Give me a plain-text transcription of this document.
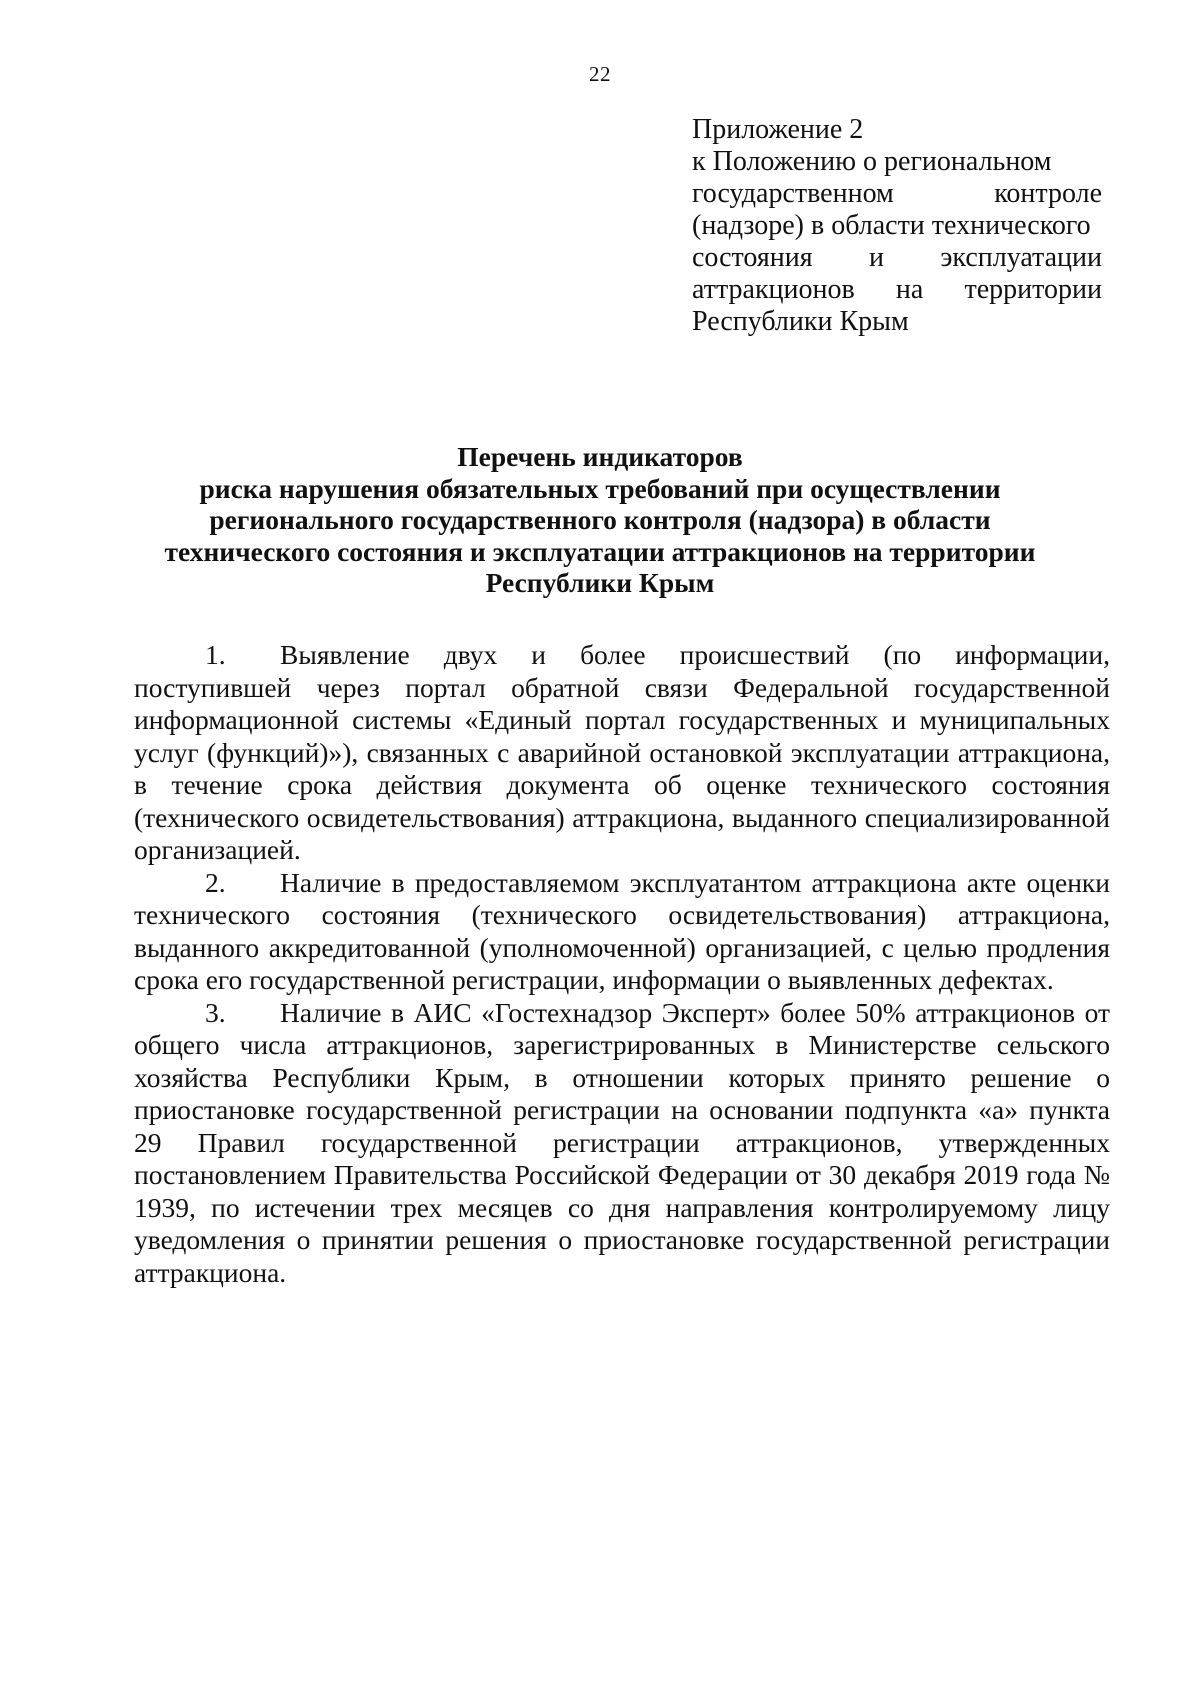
22
Приложение 2
к Положению о региональном
государственном	контроле
(надзоре) в области технического
состояния и эксплуатации
аттракционов на территории
Республики Крым
Перечень индикаторов
риска нарушения обязательных требований при осуществлении
регионального государственного контроля (надзора) в области
технического состояния и эксплуатации аттракционов на территории
Республики Крым

1. Выявление двух и более происшествий (по информации, поступившей через портал обратной связи Федеральной государственной информационной системы «Единый портал государственных и муниципальных услуг (функций)»), связанных с аварийной остановкой эксплуатации аттракциона, в течение срока действия документа об оценке технического состояния (технического освидетельствования) аттракциона, выданного специализированной организацией.

2. Наличие в предоставляемом эксплуатантом аттракциона акте оценки технического состояния (технического освидетельствования) аттракциона, выданного аккредитованной (уполномоченной) организацией, с целью продления срока его государственной регистрации, информации о выявленных дефектах.

3. Наличие в АИС «Гостехнадзор Эксперт» более 50% аттракционов от общего числа аттракционов, зарегистрированных в Министерстве сельского хозяйства Республики Крым, в отношении которых принято решение о приостановке государственной регистрации на основании подпункта «а» пункта 29 Правил государственной регистрации аттракционов, утвержденных постановлением Правительства Российской Федерации от 30 декабря 2019 года № 1939, по истечении трех месяцев со дня направления контролируемому лицу уведомления о принятии решения о приостановке государственной регистрации аттракциона.
